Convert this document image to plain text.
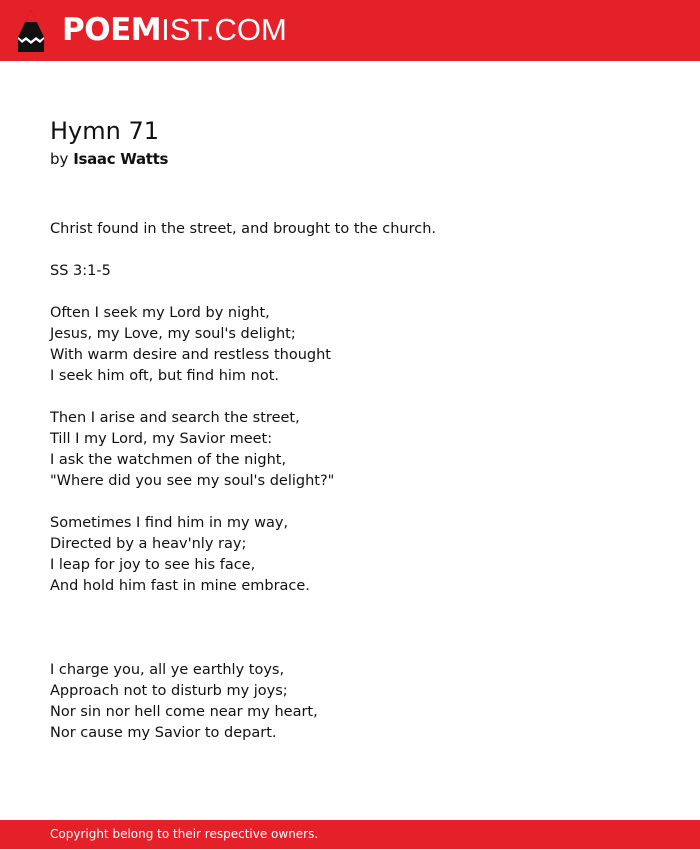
POEMIST.COM
Hymn 71
by Isaac Watts
Christ found in the street, and brought to the church.
SS 3:1-5
Often I seek my Lord by night,
Jesus, my Love, my soul's delight;
With warm desire and restless thought
I seek him oft, but find him not.
Then I arise and search the street,
Till I my Lord, my Savior meet:
I ask the watchmen of the night,
"Where did you see my soul's delight?"
Sometimes I find him in my way,
Directed by a heav'nly ray;
I leap for joy to see his face,
And hold him fast in mine embrace.
I charge you, all ye earthly toys,
Approach not to disturb my joys;
Nor sin nor hell come near my heart,
Nor cause my Savior to depart.
Copyright belong to their respective owners.
